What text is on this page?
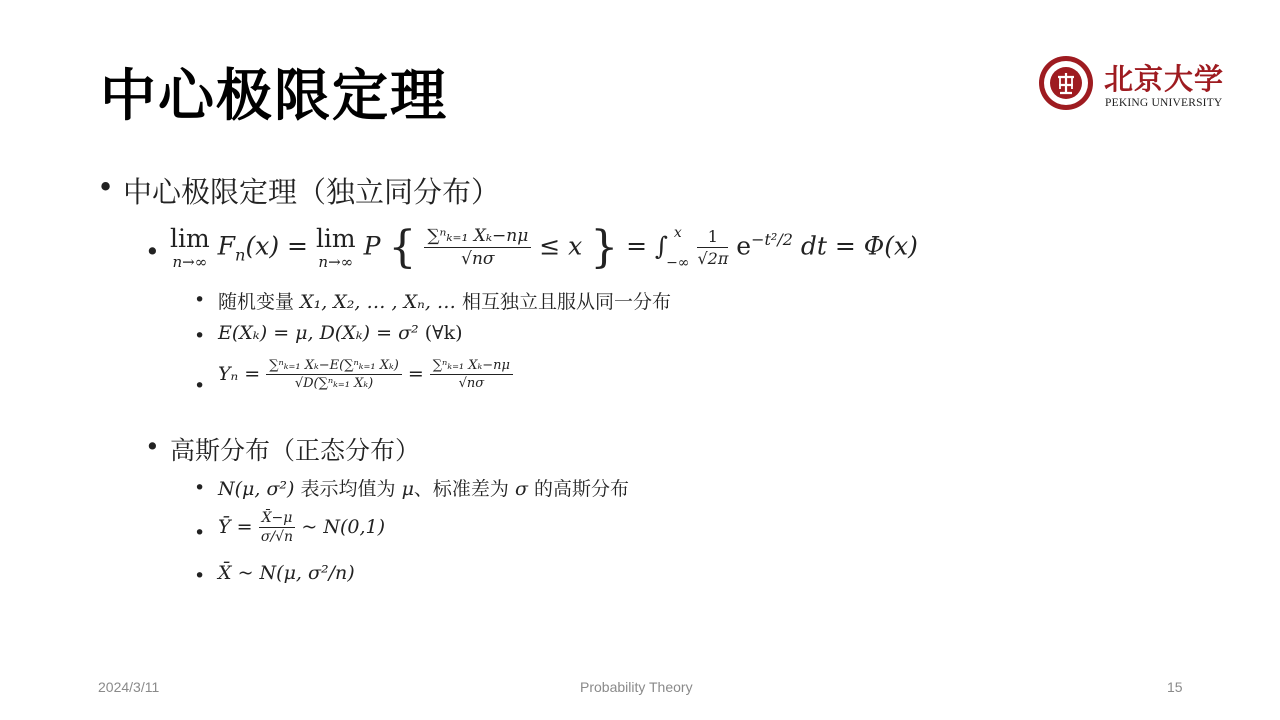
中心极限定理	北京大学
PEKING UNIVERSITY
• 中心极限定理（独立同分布）
• lim
n→∞
$F_n(x) = \lim$
n→∞
P { $\frac{\text{∑ⁿₖ₌₁ Xₖ−nμ}}{√n\sigma} \le x$ } = ∫ x
−∞
$\frac{1}{√2\pi} e^{-t^2/2}$ dt = Φ(x)
• 随机变量 X₁, X₂, … , Xₙ, … 相互独立且服从同一分布
• E(Xₖ) = μ, D(Xₖ) = σ² (∀k)
•
$Y_n = \frac{\text{∑ⁿₖ₌₁ Xₖ−E(∑ⁿₖ₌₁ Xₖ)}}{\text{√D(∑ⁿₖ₌₁ Xₖ)}} = \frac{\text{∑ⁿₖ₌₁ Xₖ−nμ}}{√n\sigma}$
• 高斯分布（正态分布）
• N(μ, σ²) 表示均值为 μ、标准差为 σ 的高斯分布
• Ȳ = $\frac{X̄-\mu}{\sigma/√n}$ ~ N(0,1)
• X̄ ~ N(μ, σ²/n)
2024/3/11	Probability Theory	15
